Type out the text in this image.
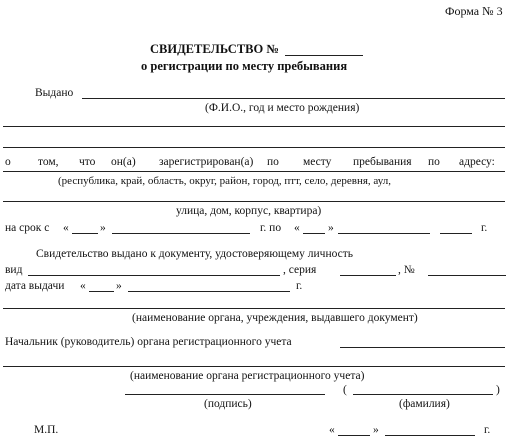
Форма № 3
СВИДЕТЕЛЬСТВО №
о регистрации по месту пребывания
Выдано
(Ф.И.О., год и место рождения)
о том, что он(а) зарегистрирован(а) по месту пребывания по адресу:
(республика, край, область, округ, район, город, птт, село, деревня, аул,
улица, дом, корпус, квартира)
на срок с «	»	г. по « »	г.
Свидетельство выдано к документу, удостоверяющему личность
вид	, серия	, №
дата выдачи «	»	г.
(наименование органа, учреждения, выдавшего документ)
Начальник (руководитель) органа регистрационного учета
(наименование органа регистрационного учета)
(	)
(подпись)	(фамилия)
М.П.	«	»	г.
